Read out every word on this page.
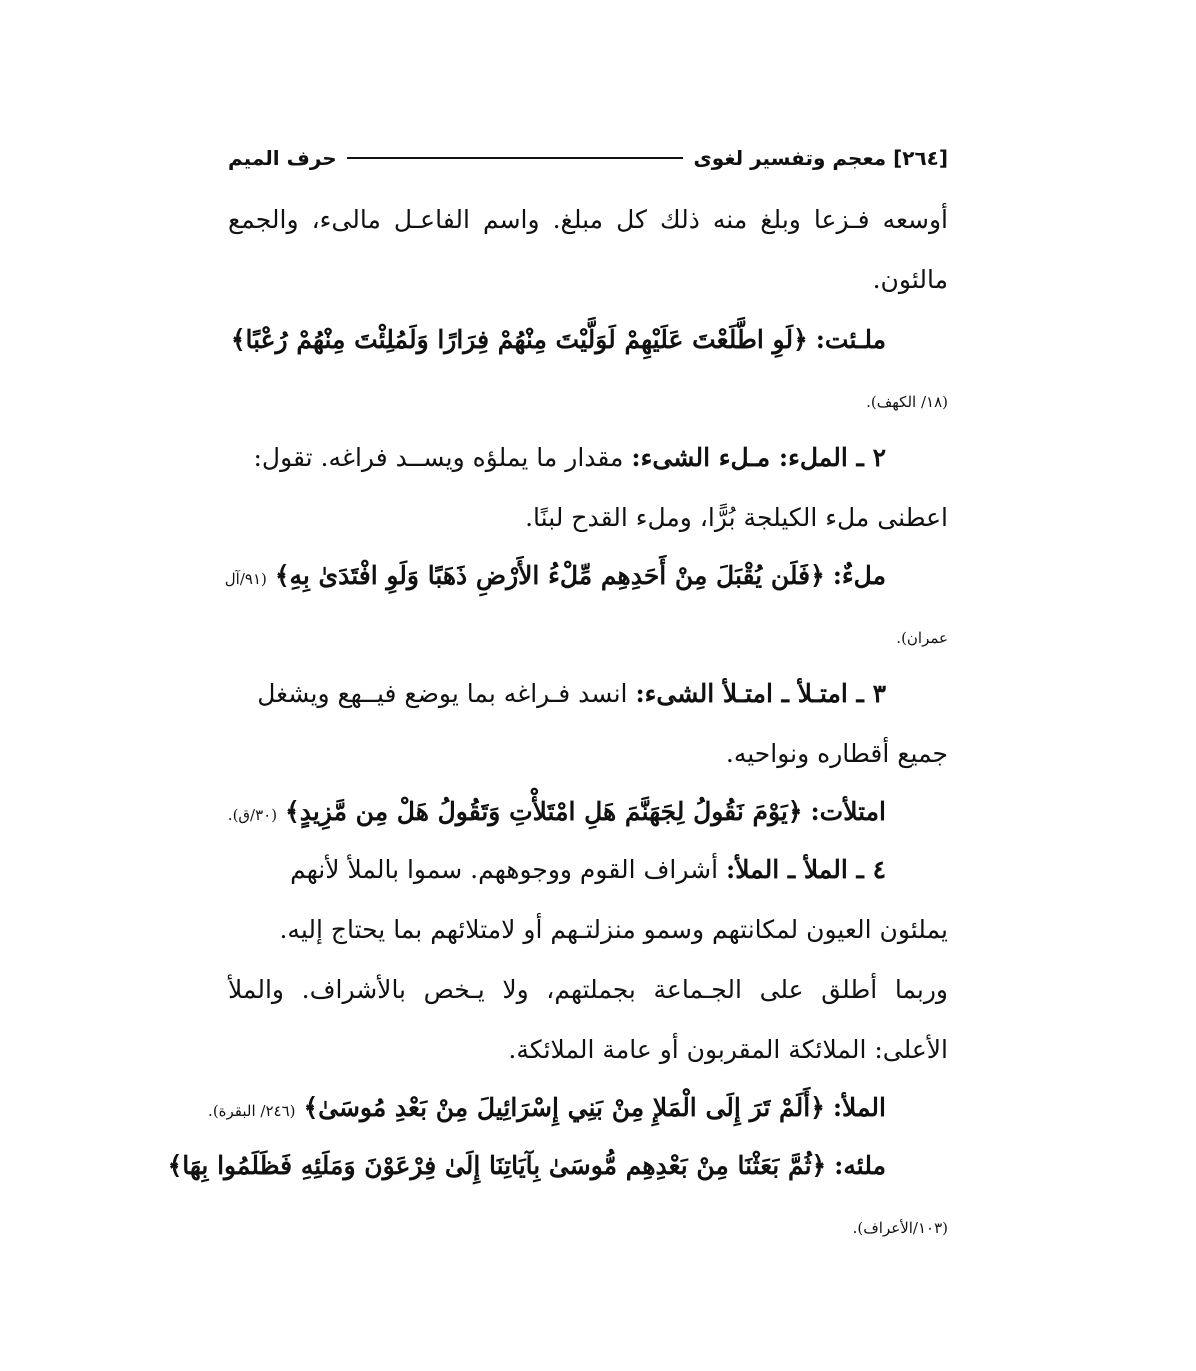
[٢٦٤] معجم وتفسير لغوى
حرف الميم
أوسعه فـزعا وبلغ منه ذلك كل مبلغ. واسم الفاعـل مالىء، والجمع
مالئون.
ملـئت: ﴿لَوِ اطَّلَعْتَ عَلَيْهِمْ لَوَلَّيْتَ مِنْهُمْ فِرَارًا وَلَمُلِئْتَ مِنْهُمْ رُعْبًا﴾
(١٨/ الكهف).
٢ ـ الملء: مـلء الشىء: مقدار ما يملؤه ويســد فراغه. تقول:
اعطنى ملء الكيلجة بُرًّا، وملء القدح لبنًا.
ملءٌ: ﴿فَلَن يُقْبَلَ مِنْ أَحَدِهِم مِّلْءُ الأَرْضِ ذَهَبًا وَلَوِ افْتَدَىٰ بِهِ﴾ (٩١/آل
عمران).
٣ ـ امتـلأ ـ امتـلأ الشىء: انسد فـراغه بما يوضع فيــهع ويشغل
جميع أقطاره ونواحيه.
امتلأت: ﴿يَوْمَ نَقُولُ لِجَهَنَّمَ هَلِ امْتَلأْتِ وَتَقُولُ هَلْ مِن مَّزِيدٍ﴾ (٣٠/ق).
٤ ـ الملأ ـ الملأ: أشراف القوم ووجوههم. سموا بالملأ لأنهم
يملئون العيون لمكانتهم وسمو منزلتـهم أو لامتلائهم بما يحتاج إليه.
وربما أطلق على الجـماعة بجملتهم، ولا يـخص بالأشراف. والملأ
الأعلى: الملائكة المقربون أو عامة الملائكة.
الملأ: ﴿أَلَمْ تَرَ إِلَى الْمَلإِ مِنْ بَنِي إِسْرَائِيلَ مِنْ بَعْدِ مُوسَىٰ﴾ (٢٤٦/ البقرة).
ملئه: ﴿ثُمَّ بَعَثْنَا مِنْ بَعْدِهِم مُّوسَىٰ بِآيَاتِنَا إِلَىٰ فِرْعَوْنَ وَمَلَئِهِ فَظَلَمُوا بِهَا﴾
(١٠٣/الأعراف).
